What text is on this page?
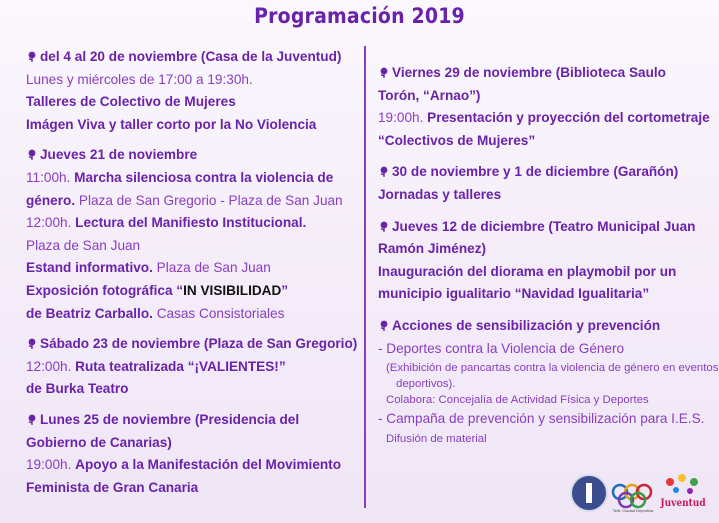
Programación 2019
del 4 al 20 de noviembre (Casa de la Juventud)
Lunes y miércoles de 17:00 a 19:30h.
Talleres de Colectivo de Mujeres
Imágen Viva y taller corto por la No Violencia
Jueves 21 de noviembre
11:00h. Marcha silenciosa contra la violencia de
género. Plaza de San Gregorio - Plaza de San Juan
12:00h. Lectura del Manifiesto Institucional.
Plaza de San Juan
Estand informativo. Plaza de San Juan
Exposición fotográfica “IN VISIBILIDAD”
de Beatriz Carballo. Casas Consistoriales
Sábado 23 de noviembre (Plaza de San Gregorio)
12:00h. Ruta teatralizada “¡VALIENTES!”
de Burka Teatro
Lunes 25 de noviembre (Presidencia del
Gobierno de Canarias)
19:00h. Apoyo a la Manifestación del Movimiento
Feminista de Gran Canaria
Viernes 29 de noviembre (Biblioteca Saulo
Torón, “Arnao”)
19:00h. Presentación y proyección del cortometraje
“Colectivos de Mujeres”
30 de noviembre y 1 de diciembre (Garañón)
Jornadas y talleres
Jueves 12 de diciembre (Teatro Municipal Juan
Ramón Jiménez)
Inauguración del diorama en playmobil por un
municipio igualitario “Navidad Igualitaria”
Acciones de sensibilización y prevención
- Deportes contra la Violencia de Género
(Exhibición de pancartas contra la violencia de género en eventos
deportivos).
Colabora: Concejalía de Actividad Física y Deportes
- Campaña de prevención y sensibilización para I.E.S.
Difusión de material
Teld. Ciudad Deportiva
Juventud
